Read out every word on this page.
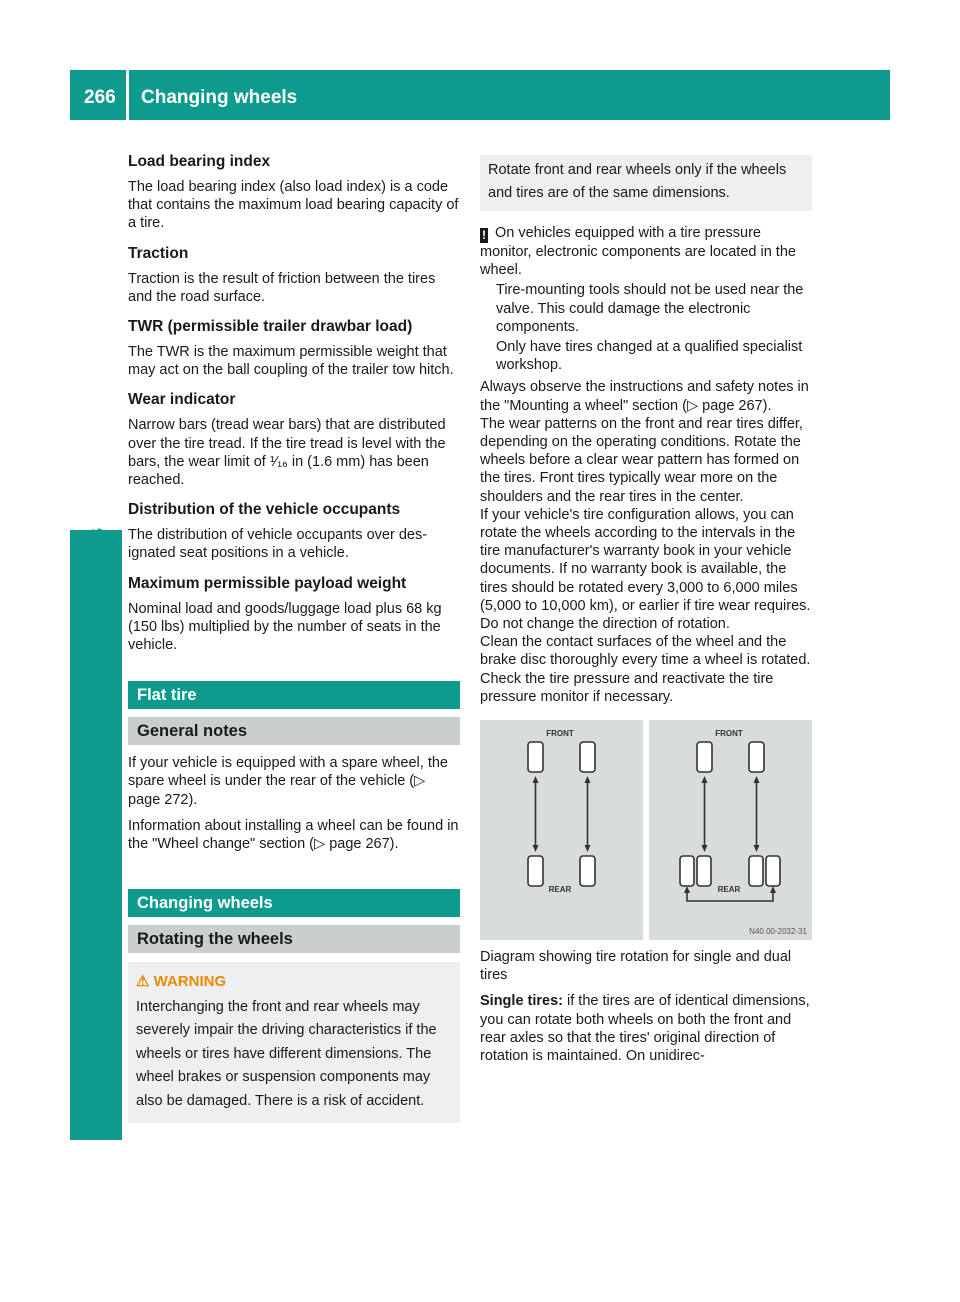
266 Changing wheels
Wheels and tires
Load bearing index

The load bearing index (also load index) is a code that contains the maximum load bearing capacity of a tire.

Traction

Traction is the result of friction between the tires and the road surface.

TWR (permissible trailer drawbar load)

The TWR is the maximum permissible weight that may act on the ball coupling of the trailer tow hitch.

Wear indicator

Narrow bars (tread wear bars) that are distributed over the tire tread. If the tire tread is level with the bars, the wear limit of ¹⁄₁₆ in (1.6 mm) has been reached.

Distribution of the vehicle occupants

The distribution of vehicle occupants over designated seat positions in a vehicle.

Maximum permissible payload weight

Nominal load and goods/luggage load plus 68 kg (150 lbs) multiplied by the number of seats in the vehicle.

Flat tire
General notes

If your vehicle is equipped with a spare wheel, the spare wheel is under the rear of the vehicle (▷ page 272).

Information about installing a wheel can be found in the "Wheel change" section (▷ page 267).

Changing wheels
Rotating the wheels
⚠ WARNING
Interchanging the front and rear wheels may severely impair the driving characteristics if the wheels or tires have different dimensions. The wheel brakes or suspension components may also be damaged. There is a risk of accident.
Rotate front and rear wheels only if the wheels and tires are of the same dimensions.

! On vehicles equipped with a tire pressure monitor, electronic components are located in the wheel.

Tire-mounting tools should not be used near the valve. This could damage the electronic components.

Only have tires changed at a qualified specialist workshop.

Always observe the instructions and safety notes in the "Mounting a wheel" section (▷ page 267).

The wear patterns on the front and rear tires differ, depending on the operating conditions. Rotate the wheels before a clear wear pattern has formed on the tires. Front tires typically wear more on the shoulders and the rear tires in the center.

If your vehicle's tire configuration allows, you can rotate the wheels according to the intervals in the tire manufacturer's warranty book in your vehicle documents. If no warranty book is available, the tires should be rotated every 3,000 to 6,000 miles (5,000 to 10,000 km), or earlier if tire wear requires. Do not change the direction of rotation.

Clean the contact surfaces of the wheel and the brake disc thoroughly every time a wheel is rotated.

Check the tire pressure and reactivate the tire pressure monitor if necessary.

FRONT
REAR
FRONT
REAR
N40.00-2032-31

Diagram showing tire rotation for single and dual tires

Single tires: if the tires are of identical dimensions, you can rotate both wheels on both the front and rear axles so that the tires' original direction of rotation is maintained. On unidirec-
